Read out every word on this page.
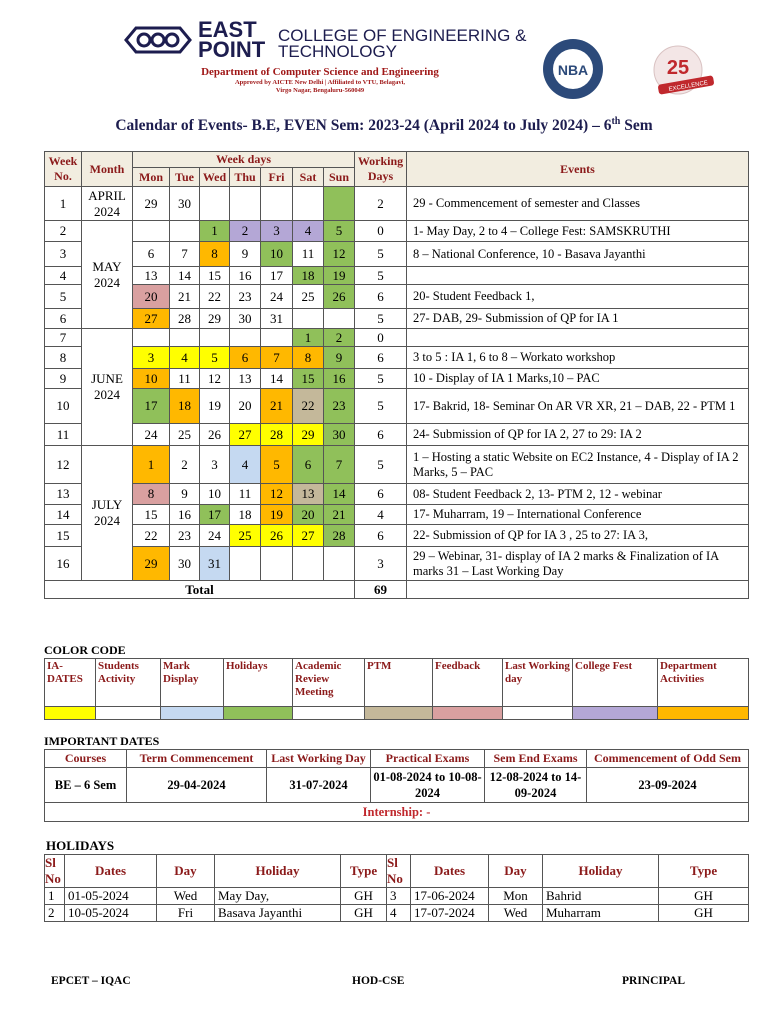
EAST
POINT
COLLEGE OF ENGINEERING &
TECHNOLOGY
Department of Computer Science and Engineering
Approved by AICTE New Delhi | Affiliated to VTU, Belagavi,
Virgo Nagar, Bengaluru-560049
NBA	25
EXCELLENCE
Calendar of Events- B.E, EVEN Sem: 2023-24 (April 2024 to July 2024) – 6th Sem
Week No.	Month	Week days							Working Days	Events
		Mon	Tue	Wed	Thu	Fri	Sat	Sun		
1	APRIL 2024	29	30						2	29 - Commencement of semester and Classes
2	MAY 2024			1	2	3	4	5	0	1- May Day, 2 to 4 – College Fest: SAMSKRUTHI
3		6	7	8	9	10	11	12	5	8 – National Conference, 10 - Basava Jayanthi
4		13	14	15	16	17	18	19	5	
5		20	21	22	23	24	25	26	6	20- Student Feedback 1,
6		27	28	29	30	31			5	27- DAB, 29- Submission of QP for IA 1
7	JUNE 2024						1	2	0	
8		3	4	5	6	7	8	9	6	3 to 5 : IA 1, 6 to 8 – Workato workshop
9		10	11	12	13	14	15	16	5	10 - Display of IA 1 Marks,10 – PAC
10		17	18	19	20	21	22	23	5	17- Bakrid, 18- Seminar On AR VR XR, 21 – DAB, 22 - PTM 1
11		24	25	26	27	28	29	30	6	24- Submission of QP for IA 2, 27 to 29: IA 2
12	JULY 2024	1	2	3	4	5	6	7	5	1 – Hosting a static Website on EC2 Instance, 4 - Display of IA 2 Marks, 5 – PAC
13		8	9	10	11	12	13	14	6	08- Student Feedback 2, 13- PTM 2, 12 - webinar
14		15	16	17	18	19	20	21	4	17- Muharram, 19 – International Conference
15		22	23	24	25	26	27	28	6	22- Submission of QP for IA 3 , 25 to 27: IA 3,
16		29	30	31					3	29 – Webinar, 31- display of IA 2 marks & Finalization of IA marks 31 – Last Working Day
Total									69	
COLOR CODE
IA- DATES	Students Activity	Mark Display	Holidays	Academic Review Meeting	PTM	Feedback	Last Working day	College Fest	Department Activities

IMPORTANT DATES
Courses	Term Commencement	Last Working Day	Practical Exams	Sem End Exams	Commencement of Odd Sem
BE – 6 Sem	29-04-2024	31-07-2024	01-08-2024 to 10-08-2024	12-08-2024 to 14-09-2024	23-09-2024
Internship: -					
HOLIDAYS
Sl No	Dates	Day	Holiday	Type	Sl No	Dates	Day	Holiday	Type
1	01-05-2024	Wed	May Day,	GH	3	17-06-2024	Mon	Bahrid	GH
2	10-05-2024	Fri	Basava Jayanthi	GH	4	17-07-2024	Wed	Muharram	GH
EPCET – IQAC	HOD-CSE	PRINCIPAL
